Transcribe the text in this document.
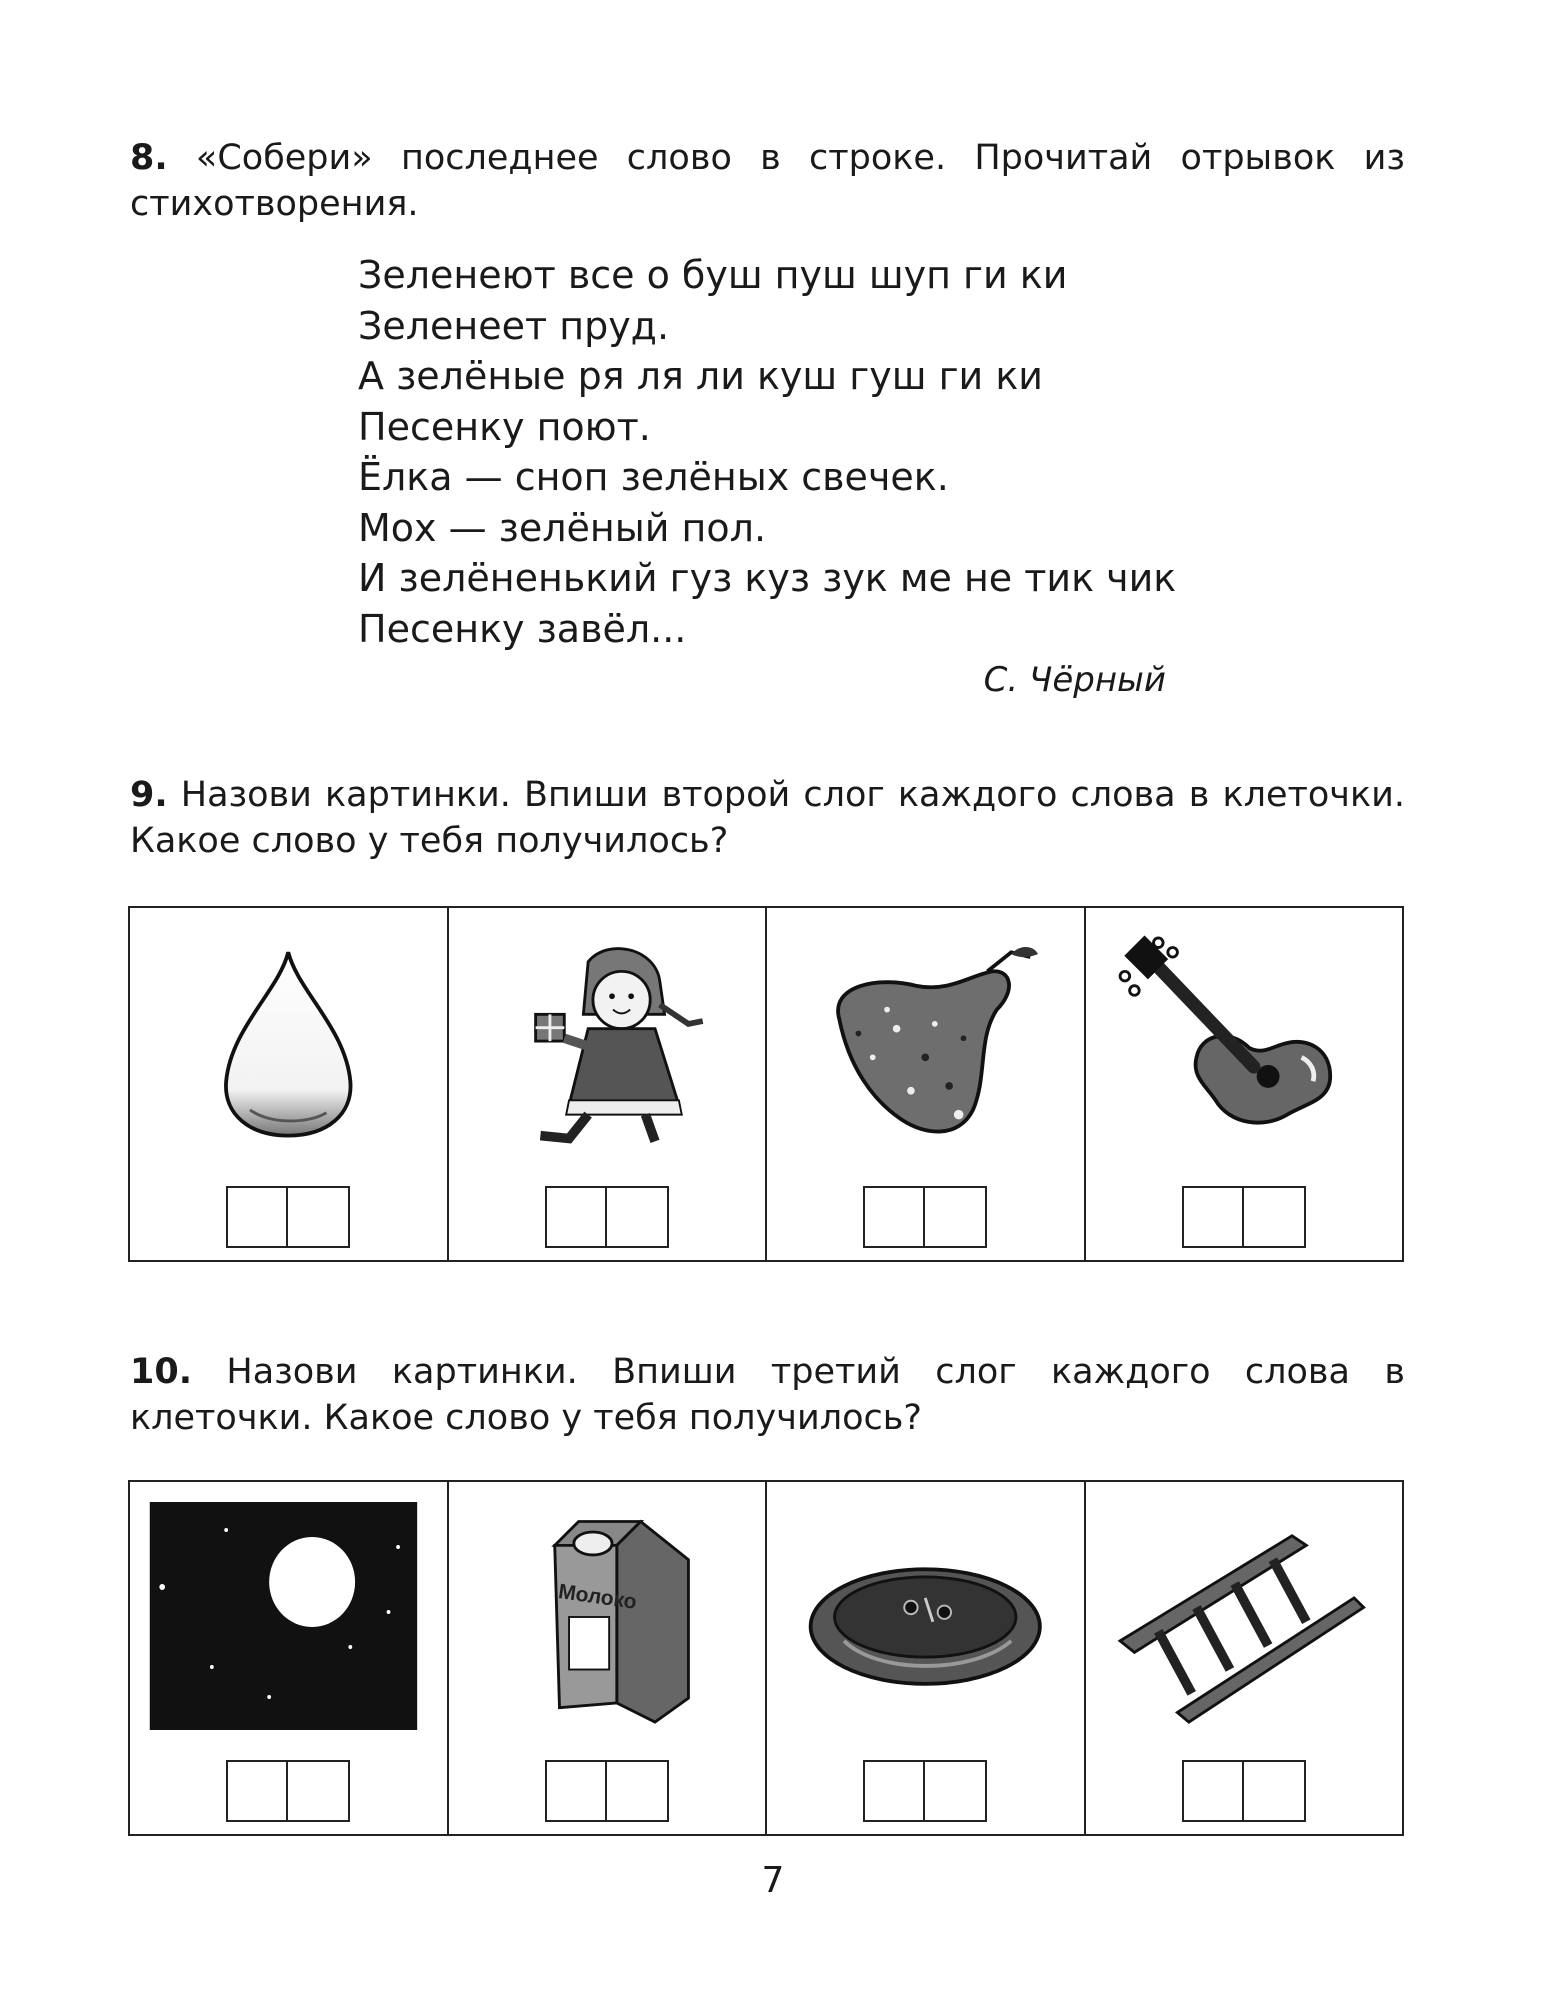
8. «Собери» последнее слово в строке. Прочитай отрывок из стихотворения.
Зеленеют все о буш пуш шуп ги ки
Зеленеет пруд.
А зелёные ря ля ли куш гуш ги ки
Песенку поют.
Ёлка — сноп зелёных свечек.
Мох — зелёный пол.
И зелёненький гуз куз зук ме не тик чик
Песенку завёл...
С. Чёрный
9. Назови картинки. Впиши второй слог каждого слова в клеточки. Какое слово у тебя получилось?
10. Назови картинки. Впиши третий слог каждого слова в клеточки. Какое слово у тебя получилось?
Молоко
7
